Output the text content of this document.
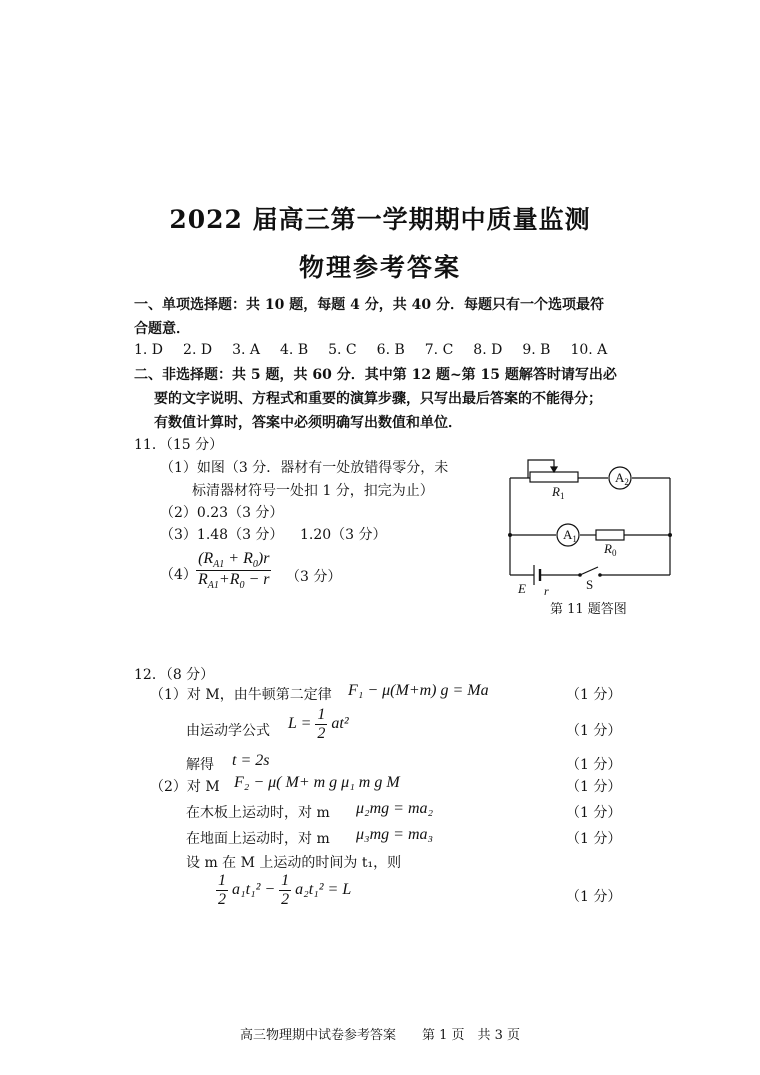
2022 届高三第一学期期中质量监测
物理参考答案
一、单项选择题：共 10 题，每题 4 分，共 40 分．每题只有一个选项最符
合题意．
1. D 2. D 3. A 4. B 5. C 6. B 7. C 8. D 9. B 10. A
二、非选择题：共 5 题，共 60 分．其中第 12 题~第 15 题解答时请写出必
要的文字说明、方程式和重要的演算步骤，只写出最后答案的不能得分；
有数值计算时，答案中必须明确写出数值和单位．
11．（15 分）
（1）如图（3 分．器材有一处放错得零分，未
标清器材符号一处扣 1 分，扣完为止）
（2）0.23（3 分）
（3）1.48（3 分） 1.20（3 分）
$(4) \frac{(R_{A1} + R_0)r}{R_{A1}+R_0 - r} (3$ 分）
$A_2$
$A_1$
$R_1$
$R_0$
E r	S
第 11 题答图
12．（8 分）
（1）对 M，由牛顿第二定律 F₁ − μ(M+m) g = Ma	（1 分）
由运动学公式 $L = \frac{1}{2} at^2$	（1 分）
解得 t = 2s	（1 分）
（2）对 M F₂ − μ( M+ m g μ₁ m g M	（1 分）
在木板上运动时，对 m μ₂mg = ma₂	（1 分）
在地面上运动时，对 m μ₃mg = ma₃	（1 分）
设 m 在 M 上运动的时间为 t₁，则
$\frac{1}{2} a_1t_1^2 - \frac{1}{2} a_2t_1^2 = L$	（1 分）
高三物理期中试卷参考答案　　第 1 页　共 3 页
